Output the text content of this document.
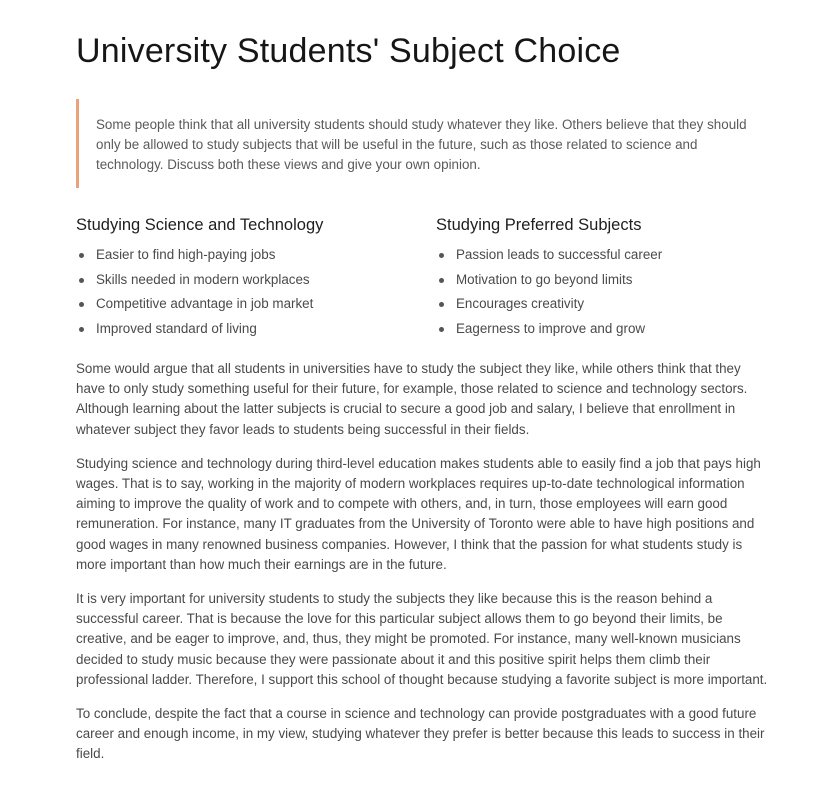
University Students' Subject Choice
Some people think that all university students should study whatever they like. Others believe that they should only be allowed to study subjects that will be useful in the future, such as those related to science and technology. Discuss both these views and give your own opinion.
Studying Science and Technology
Easier to find high-paying jobs
Skills needed in modern workplaces
Competitive advantage in job market
Improved standard of living
Studying Preferred Subjects
Passion leads to successful career
Motivation to go beyond limits
Encourages creativity
Eagerness to improve and grow

Some would argue that all students in universities have to study the subject they like, while others think that they have to only study something useful for their future, for example, those related to science and technology sectors. Although learning about the latter subjects is crucial to secure a good job and salary, I believe that enrollment in whatever subject they favor leads to students being successful in their fields.

Studying science and technology during third-level education makes students able to easily find a job that pays high wages. That is to say, working in the majority of modern workplaces requires up-to-date technological information aiming to improve the quality of work and to compete with others, and, in turn, those employees will earn good remuneration. For instance, many IT graduates from the University of Toronto were able to have high positions and good wages in many renowned business companies. However, I think that the passion for what students study is more important than how much their earnings are in the future.

It is very important for university students to study the subjects they like because this is the reason behind a successful career. That is because the love for this particular subject allows them to go beyond their limits, be creative, and be eager to improve, and, thus, they might be promoted. For instance, many well-known musicians decided to study music because they were passionate about it and this positive spirit helps them climb their professional ladder. Therefore, I support this school of thought because studying a favorite subject is more important.

To conclude, despite the fact that a course in science and technology can provide postgraduates with a good future career and enough income, in my view, studying whatever they prefer is better because this leads to success in their field.
